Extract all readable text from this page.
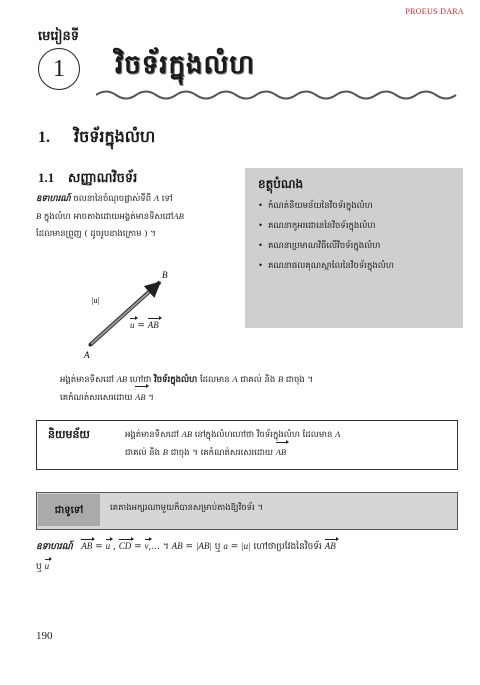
PROEUS DARA
មេរៀនទី
1 វិចទ័រក្នុងលំហ
1. វិចទ័រក្នុងលំហ
1.1 សញ្ញាណវិចទ័រ	ខត្ថុបំណង
• កំណត់និយមន័យនៃវិចទ័រក្នុងលំហ
• គណនាកូអរដោនេនៃវិចទ័រក្នុងលំហ
• គណនាប្រមាណវិធីលើវិចទ័រក្នុងលំហ
• គណនាផលគុណស្កាលែនៃវិចទ័រក្នុងលំហ
ឧទាហរណ៍ ចលនានៃចំណុចផ្លាស់ទីពី A ទៅ
B ក្នុងលំហ អាចតាងដោយអង្គត់មានទិសដៅAB
ដែលមានព្រួញ ( ដូចរូបខាងក្រោម ) ។
A
B
|u|
u = AB
អង្គត់មានទិសដៅ AB ហៅថា វិចទ័រក្នុងលំហ ដែលមាន A ជាគល់ និង B ជាចុង ។
គេកំណត់សរសេរដោយ AB ។
និយមន័យ	អង្គត់មានទិសដៅ AB នៅក្នុងលំហហៅថា វិចទ័រក្នុងលំហ ដែលមាន A
ជាគល់ និង B ជាចុង ។ គេកំណត់សរសេរដោយ AB
ជាទូទៅ	គេតាងអក្សរណាមួយក៏បានសម្រាប់តាងឱ្យវិចទ័រ ។
ឧទាហរណ៍ AB = u , CD = v,... ។ AB = |AB| ឬ a = |u| ហៅថាប្រវែងនៃវិចទ័រ AB
ឬ u
190
